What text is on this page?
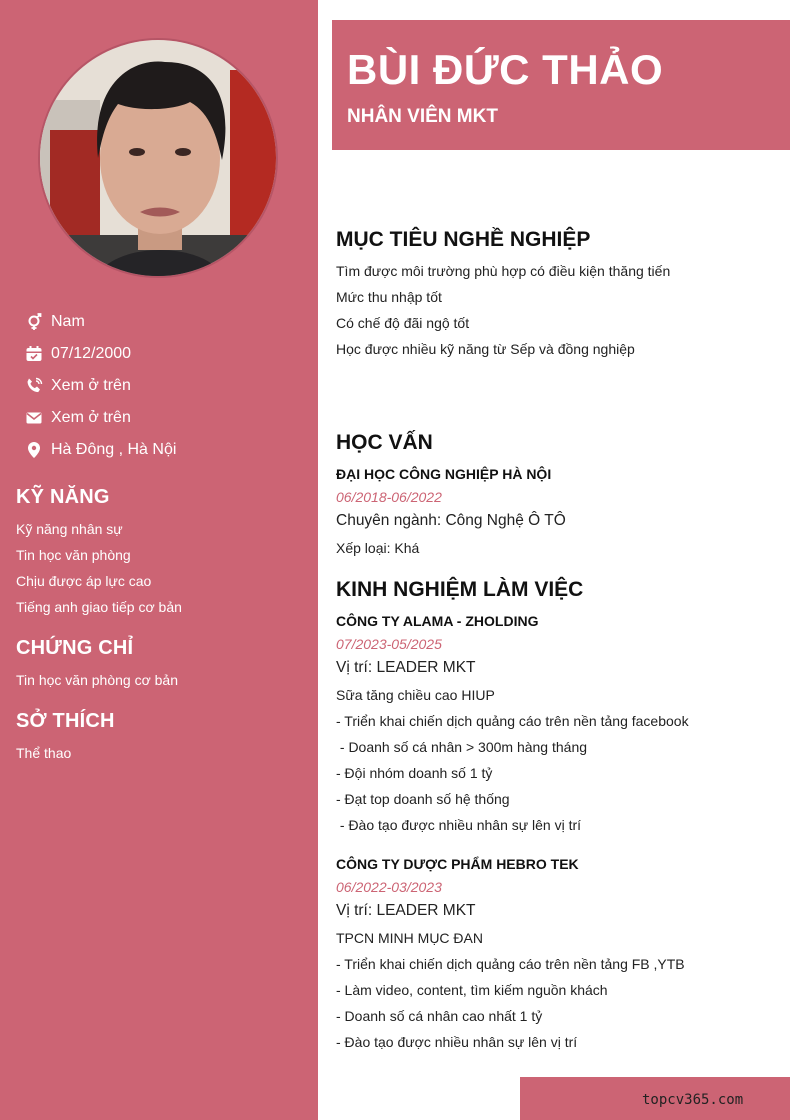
Nam
07/12/2000
Xem ở trên
Xem ở trên
Hà Đông , Hà Nội
KỸ NĂNG
Kỹ năng nhân sự
Tin học văn phòng
Chịu được áp lực cao
Tiếng anh giao tiếp cơ bản
CHỨNG CHỈ
Tin học văn phòng cơ bản
SỞ THÍCH
Thể thao
BÙI ĐỨC THẢO
NHÂN VIÊN MKT
MỤC TIÊU NGHỀ NGHIỆP
Tìm được môi trường phù hợp có điều kiện thăng tiến
Mức thu nhập tốt
Có chế độ đãi ngộ tốt
Học được nhiều kỹ năng từ Sếp và đồng nghiệp
HỌC VẤN
ĐẠI HỌC CÔNG NGHIỆP HÀ NỘI
06/2018-06/2022
Chuyên ngành: Công Nghệ Ô TÔ
Xếp loại: Khá
KINH NGHIỆM LÀM VIỆC
CÔNG TY ALAMA - ZHOLDING
07/2023-05/2025
Vị trí: LEADER MKT
Sữa tăng chiều cao HIUP
- Triển khai chiến dịch quảng cáo trên nền tảng facebook
- Doanh số cá nhân > 300m hàng tháng
- Đội nhóm doanh số 1 tỷ
- Đạt top doanh số hệ thống
- Đào tạo được nhiều nhân sự lên vị trí
CÔNG TY DƯỢC PHẨM HEBRO TEK
06/2022-03/2023
Vị trí: LEADER MKT
TPCN MINH MỤC ĐAN
- Triển khai chiến dịch quảng cáo trên nền tảng FB ,YTB
- Làm video, content, tìm kiếm nguồn khách
- Doanh số cá nhân cao nhất 1 tỷ
- Đào tạo được nhiều nhân sự lên vị trí
topcv365.com
